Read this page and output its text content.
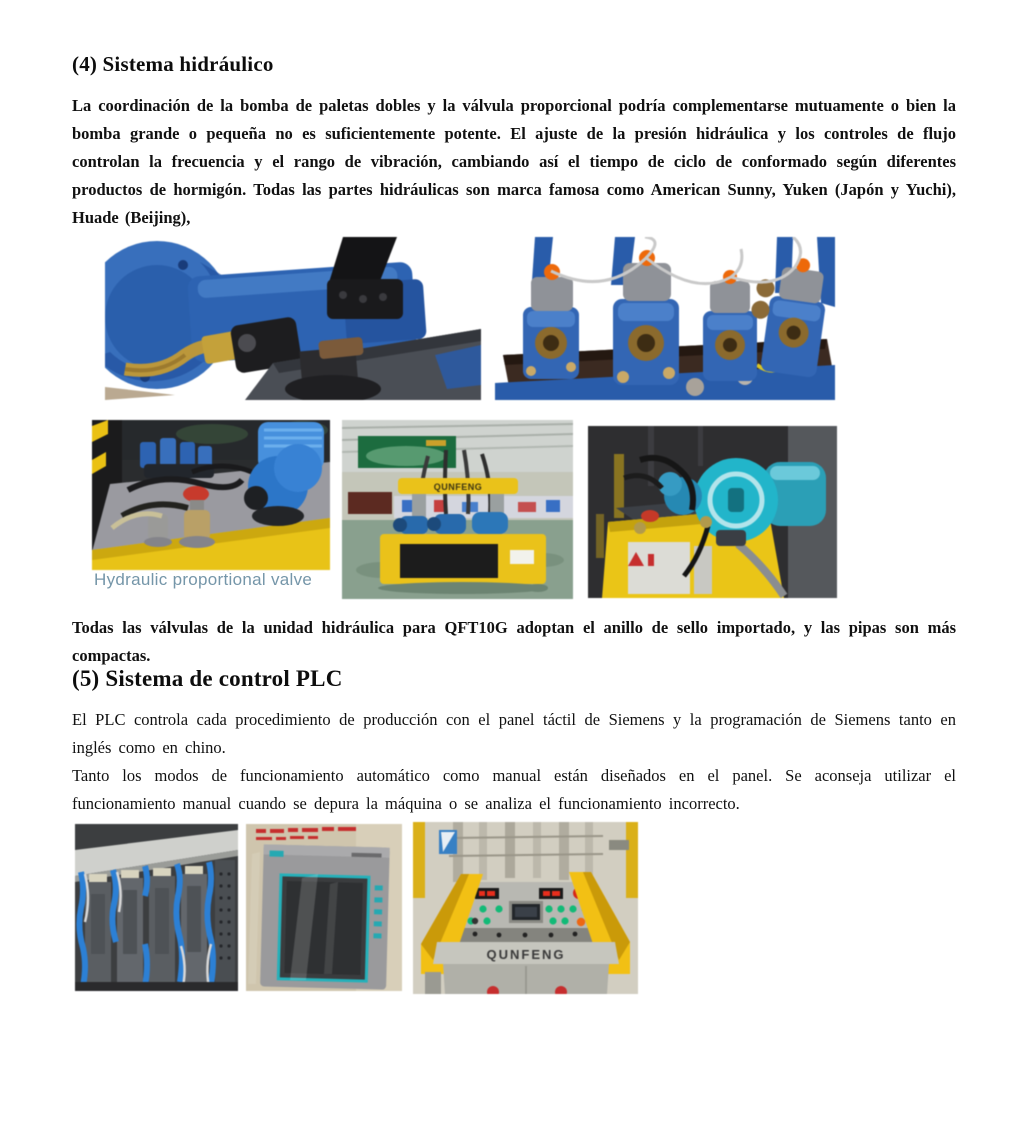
(4) Sistema hidráulico

La coordinación de la bomba de paletas dobles y la válvula proporcional podría complementarse mutuamente o bien la bomba grande o pequeña no es suficientemente potente. El ajuste de la presión hidráulica y los controles de flujo controlan la frecuencia y el rango de vibración, cambiando así el tiempo de ciclo de conformado según diferentes productos de hormigón. Todas las partes hidráulicas son marca famosa como American Sunny, Yuken (Japón y Yuchi), Huade (Beijing),

Hydraulic proportional valve
QUNFENG

Todas las válvulas de la unidad hidráulica para QFT10G adoptan el anillo de sello importado, y las pipas son más compactas.

(5) Sistema de control PLC

El PLC controla cada procedimiento de producción con el panel táctil de Siemens y la programación de Siemens tanto en inglés como en chino.

Tanto los modos de funcionamiento automático como manual están diseñados en el panel. Se aconseja utilizar el funcionamiento manual cuando se depura la máquina o se analiza el funcionamiento incorrecto.

QUNFENG
